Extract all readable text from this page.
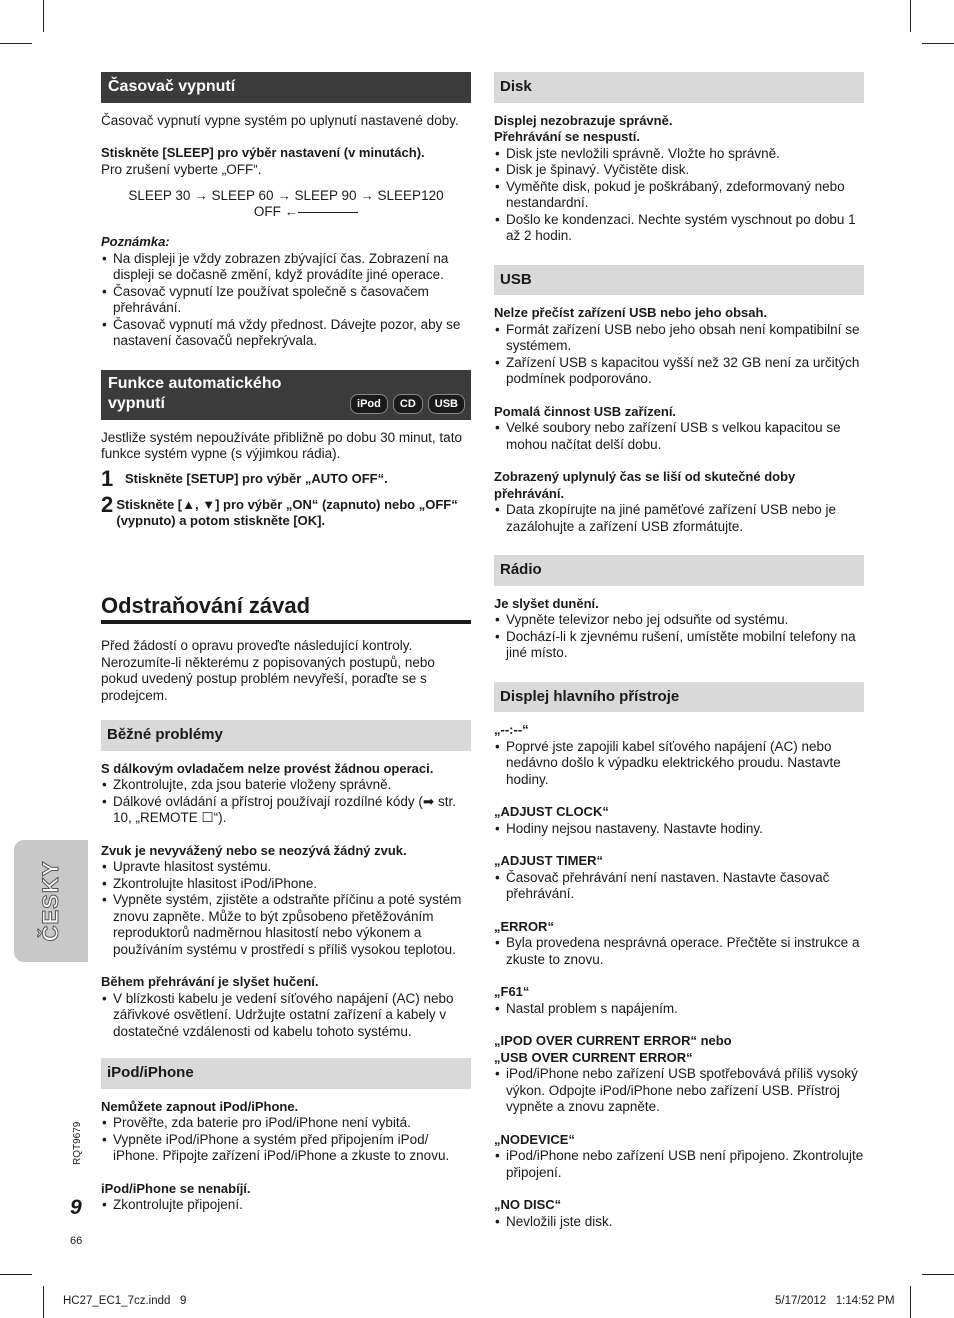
ČESKY
RQT9679
9
66
Časovač vypnutí

Časovač vypnutí vypne systém po uplynutí nastavené doby.

Stiskněte [SLEEP] pro výběr nastavení (v minutách).

Pro zrušení vyberte „OFF“.

SLEEP 30 → SLEEP 60 → SLEEP 90 → SLEEP120
OFF ←
Poznámka:
• Na displeji je vždy zobrazen zbývající čas. Zobrazení na displeji se dočasně změní, když provádíte jiné operace.
• Časovač vypnutí lze používat společně s časovačem přehrávání.
• Časovač vypnutí má vždy přednost. Dávejte pozor, aby se nastavení časovačů nepřekrývala.
Funkce automatického
vypnutí	iPod	CD	USB

Jestliže systém nepoužíváte přibližně po dobu 30 minut, tato funkce systém vypne (s výjimkou rádia).

1 Stiskněte [SETUP] pro výběr „AUTO OFF“.
2 Stiskněte [▲, ▼] pro výběr „ON“ (zapnuto) nebo „OFF“ (vypnuto) a potom stiskněte [OK].
Odstraňování závad

Před žádostí o opravu proveďte následující kontroly. Nerozumíte-li některému z popisovaných postupů, nebo pokud uvedený postup problém nevyřeší, poraďte se s prodejcem.

Běžné problémy
S dálkovým ovladačem nelze provést žádnou operaci.
• Zkontrolujte, zda jsou baterie vloženy správně.
• Dálkové ovládání a přístroj používají rozdílné kódy (➡ str. 10, „REMOTE ☐“).
Zvuk je nevyvážený nebo se neozývá žádný zvuk.
• Upravte hlasitost systému.
• Zkontrolujte hlasitost iPod/iPhone.
• Vypněte systém, zjistěte a odstraňte příčinu a poté systém znovu zapněte. Může to být způsobeno přetěžováním reproduktorů nadměrnou hlasitostí nebo výkonem a používáním systému v prostředí s příliš vysokou teplotou.
Během přehrávání je slyšet hučení.
• V blízkosti kabelu je vedení síťového napájení (AC) nebo zářivkové osvětlení. Udržujte ostatní zařízení a kabely v dostatečné vzdálenosti od kabelu tohoto systému.
iPod/iPhone
Nemůžete zapnout iPod/iPhone.
• Prověřte, zda baterie pro iPod/iPhone není vybitá.
• Vypněte iPod/iPhone a systém před připojením iPod/ iPhone. Připojte zařízení iPod/iPhone a zkuste to znovu.
iPod/iPhone se nenabíjí.
• Zkontrolujte připojení.
Disk
Displej nezobrazuje správně.
Přehrávání se nespustí.
• Disk jste nevložili správně. Vložte ho správně.
• Disk je špinavý. Vyčistěte disk.
• Vyměňte disk, pokud je poškrábaný, zdeformovaný nebo nestandardní.
• Došlo ke kondenzaci. Nechte systém vyschnout po dobu 1 až 2 hodin.
USB
Nelze přečíst zařízení USB nebo jeho obsah.
• Formát zařízení USB nebo jeho obsah není kompatibilní se systémem.
• Zařízení USB s kapacitou vyšší než 32 GB není za určitých podmínek podporováno.
Pomalá činnost USB zařízení.
• Velké soubory nebo zařízení USB s velkou kapacitou se mohou načítat delší dobu.
Zobrazený uplynulý čas se liší od skutečné doby přehrávání.
• Data zkopírujte na jiné paměťové zařízení USB nebo je zazálohujte a zařízení USB zformátujte.
Rádio
Je slyšet dunění.
• Vypněte televizor nebo jej odsuňte od systému.
• Dochází-li k zjevnému rušení, umístěte mobilní telefony na jiné místo.
Displej hlavního přístroje
„--:--“
• Poprvé jste zapojili kabel síťového napájení (AC) nebo nedávno došlo k výpadku elektrického proudu. Nastavte hodiny.
„ADJUST CLOCK“
• Hodiny nejsou nastaveny. Nastavte hodiny.
„ADJUST TIMER“
• Časovač přehrávání není nastaven. Nastavte časovač přehrávání.
„ERROR“
• Byla provedena nesprávná operace. Přečtěte si instrukce a zkuste to znovu.
„F61“
• Nastal problem s napájením.
„IPOD OVER CURRENT ERROR“ nebo
„USB OVER CURRENT ERROR“
• iPod/iPhone nebo zařízení USB spotřebovává příliš vysoký výkon. Odpojte iPod/iPhone nebo zařízení USB. Přístroj vypněte a znovu zapněte.
„NODEVICE“
• iPod/iPhone nebo zařízení USB není připojeno. Zkontrolujte připojení.
„NO DISC“
• Nevložili jste disk.
HC27_EC1_7cz.indd   9	5/17/2012   1:14:52 PM
